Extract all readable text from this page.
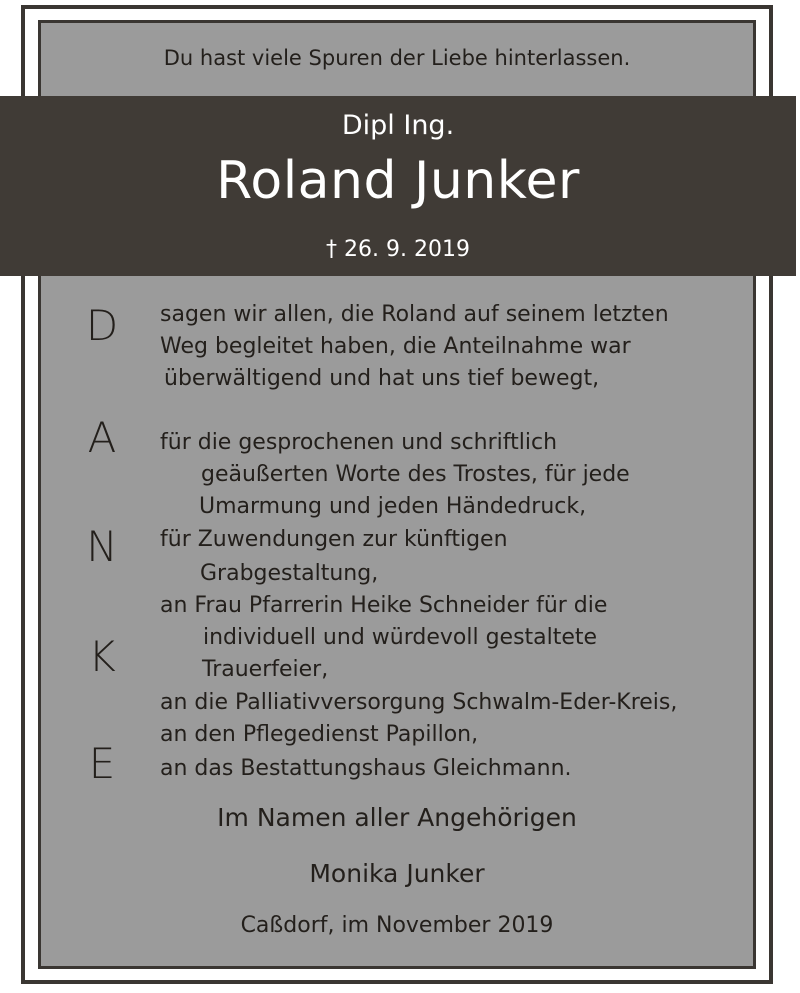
Du hast viele Spuren der Liebe hinterlassen.
Dipl Ing.
Roland Junker
† 26. 9. 2019
D
A
N
K
E
sagen wir allen, die Roland auf seinem letzten
Weg begleitet haben, die Anteilnahme war
überwältigend und hat uns tief bewegt,
für die gesprochenen und schriftlich
geäußerten Worte des Trostes, für jede
Umarmung und jeden Händedruck,
für Zuwendungen zur künftigen
Grabgestaltung,
an Frau Pfarrerin Heike Schneider für die
individuell und würdevoll gestaltete
Trauerfeier,
an die Palliativversorgung Schwalm-Eder-Kreis,
an den Pflegedienst Papillon,
an das Bestattungshaus Gleichmann.
Im Namen aller Angehörigen
Monika Junker
Caßdorf, im November 2019
